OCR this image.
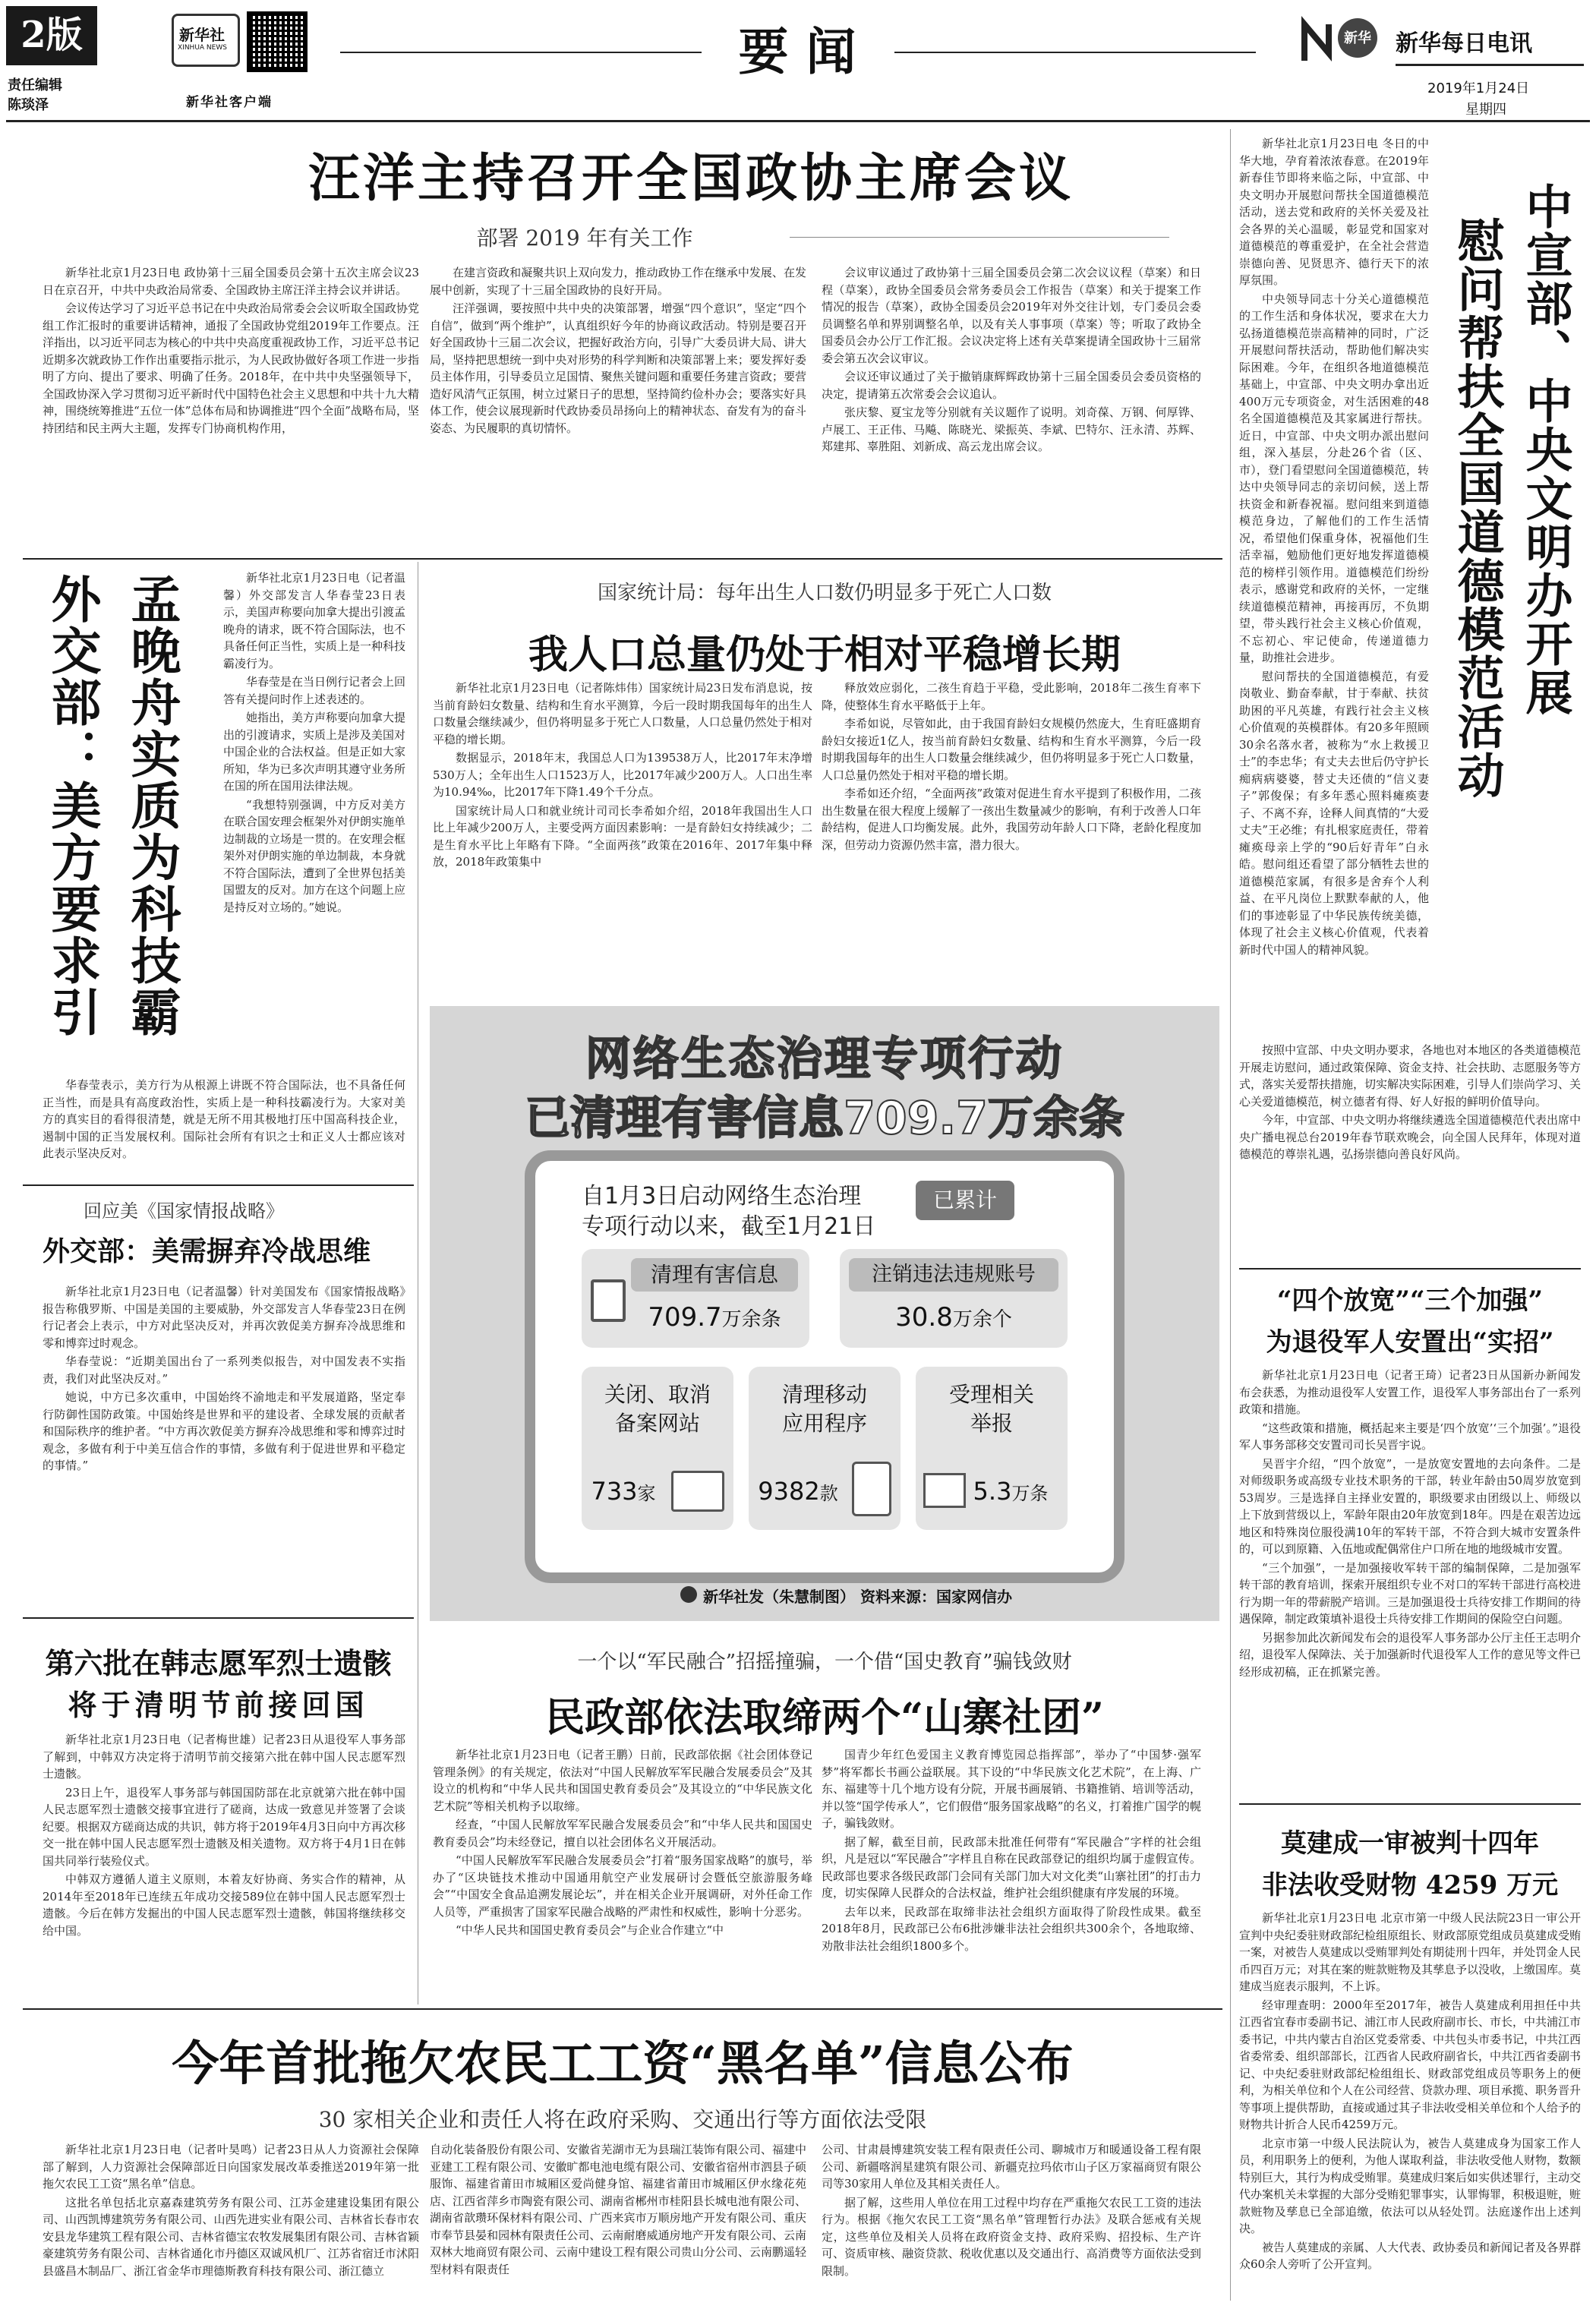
2版
责任编辑
陈琰泽
新华社
XINHUA NEWS
新华社客户端
要 闻	新华 新华每日电讯
2019年1月24日
星期四
汪洋主持召开全国政协主席会议
部署 2019 年有关工作

新华社北京1月23日电 政协第十三届全国委员会第十五次主席会议23日在京召开，中共中央政治局常委、全国政协主席汪洋主持会议并讲话。

会议传达学习了习近平总书记在中央政治局常委会会议听取全国政协党组工作汇报时的重要讲话精神，通报了全国政协党组2019年工作要点。汪洋指出，以习近平同志为核心的中共中央高度重视政协工作，习近平总书记近期多次就政协工作作出重要指示批示，为人民政协做好各项工作进一步指明了方向、提出了要求、明确了任务。2018年，在中共中央坚强领导下，全国政协深入学习贯彻习近平新时代中国特色社会主义思想和中共十九大精神，围绕统筹推进“五位一体”总体布局和协调推进“四个全面”战略布局，坚持团结和民主两大主题，发挥专门协商机构作用，

在建言资政和凝聚共识上双向发力，推动政协工作在继承中发展、在发展中创新，实现了十三届全国政协的良好开局。

汪洋强调，要按照中共中央的决策部署，增强“四个意识”，坚定“四个自信”，做到“两个维护”，认真组织好今年的协商议政活动。特别是要召开好全国政协十三届二次会议，把握好政治方向，引导广大委员讲大局、讲大局，坚持把思想统一到中央对形势的科学判断和决策部署上来；要发挥好委员主体作用，引导委员立足国情、聚焦关键问题和重要任务建言资政；要营造好风清气正氛围，树立过紧日子的思想，坚持简约俭朴办会；要落实好具体工作，使会议展现新时代政协委员昂扬向上的精神状态、奋发有为的奋斗姿态、为民履职的真切情怀。

会议审议通过了政协第十三届全国委员会第二次会议议程（草案）和日程（草案），政协全国委员会常务委员会工作报告（草案）和关于提案工作情况的报告（草案），政协全国委员会2019年对外交往计划，专门委员会委员调整名单和界别调整名单，以及有关人事事项（草案）等；听取了政协全国委员会办公厅工作汇报。会议决定将上述有关草案提请全国政协十三届常委会第五次会议审议。

会议还审议通过了关于撤销康辉辉政协第十三届全国委员会委员资格的决定，提请第五次常委会会议追认。

张庆黎、夏宝龙等分别就有关议题作了说明。刘奇葆、万钢、何厚铧、卢展工、王正伟、马飚、陈晓光、梁振英、李斌、巴特尔、汪永清、苏辉、郑建邦、辜胜阻、刘新成、高云龙出席会议。

孟晚舟实质为科技霸
外交部：美方要求引

新华社北京1月23日电（记者温馨）外交部发言人华春莹23日表示，美国声称要向加拿大提出引渡孟晚舟的请求，既不符合国际法，也不具备任何正当性，实质上是一种科技霸凌行为。

华春莹是在当日例行记者会上回答有关提问时作上述表述的。

她指出，美方声称要向加拿大提出的引渡请求，实质上是涉及美国对中国企业的合法权益。但是正如大家所知，华为已多次声明其遵守业务所在国的所在国用法律法规。

“我想特别强调，中方反对美方在联合国安理会框架外对伊朗实施单边制裁的立场是一贯的。在安理会框架外对伊朗实施的单边制裁，本身就不符合国际法，遭到了全世界包括美国盟友的反对。加方在这个问题上应是持反对立场的。”她说。

华春莹表示，美方行为从根源上讲既不符合国际法，也不具备任何正当性，而是具有高度政治性，实质上是一种科技霸凌行为。大家对美方的真实目的看得很清楚，就是无所不用其极地打压中国高科技企业，遏制中国的正当发展权利。国际社会所有有识之士和正义人士都应该对此表示坚决反对。

回应美《国家情报战略》
外交部：美需摒弃冷战思维

新华社北京1月23日电（记者温馨）针对美国发布《国家情报战略》报告称俄罗斯、中国是美国的主要威胁，外交部发言人华春莹23日在例行记者会上表示，中方对此坚决反对，并再次敦促美方摒弃冷战思维和零和博弈过时观念。

华春莹说：“近期美国出台了一系列类似报告，对中国发表不实指责，我们对此坚决反对。”

她说，中方已多次重申，中国始终不渝地走和平发展道路，坚定奉行防御性国防政策。中国始终是世界和平的建设者、全球发展的贡献者和国际秩序的维护者。“中方再次敦促美方摒弃冷战思维和零和博弈过时观念，多做有利于中美互信合作的事情，多做有利于促进世界和平稳定的事情。”

第六批在韩志愿军烈士遗骸
将于清明节前接回国

新华社北京1月23日电（记者梅世雄）记者23日从退役军人事务部了解到，中韩双方决定将于清明节前交接第六批在韩中国人民志愿军烈士遗骸。

23日上午，退役军人事务部与韩国国防部在北京就第六批在韩中国人民志愿军烈士遗骸交接事宜进行了磋商，达成一致意见并签署了会谈纪要。根据双方磋商达成的共识，韩方将于2019年4月3日向中方再次移交一批在韩中国人民志愿军烈士遗骸及相关遗物。双方将于4月1日在韩国共同举行装殓仪式。

中韩双方遵循人道主义原则，本着友好协商、务实合作的精神，从2014年至2018年已连续五年成功交接589位在韩中国人民志愿军烈士遗骸。今后在韩方发掘出的中国人民志愿军烈士遗骸，韩国将继续移交给中国。

国家统计局：每年出生人口数仍明显多于死亡人口数
我人口总量仍处于相对平稳增长期

新华社北京1月23日电（记者陈炜伟）国家统计局23日发布消息说，按当前育龄妇女数量、结构和生育水平测算，今后一段时期我国每年的出生人口数量会继续减少，但仍将明显多于死亡人口数量，人口总量仍然处于相对平稳的增长期。

数据显示，2018年末，我国总人口为139538万人，比2017年末净增530万人；全年出生人口1523万人，比2017年减少200万人。人口出生率为10.94‰，比2017年下降1.49个千分点。

国家统计局人口和就业统计司司长李希如介绍，2018年我国出生人口比上年减少200万人，主要受两方面因素影响：一是育龄妇女持续减少；二是生育水平比上年略有下降。“全面两孩”政策在2016年、2017年集中释放，2018年政策集中

释放效应弱化，二孩生育趋于平稳，受此影响，2018年二孩生育率下降，使整体生育水平略低于上年。

李希如说，尽管如此，由于我国育龄妇女规模仍然庞大，生育旺盛期育龄妇女接近1亿人，按当前育龄妇女数量、结构和生育水平测算，今后一段时期我国每年的出生人口数量会继续减少，但仍将明显多于死亡人口数量，人口总量仍然处于相对平稳的增长期。

李希如还介绍，“全面两孩”政策对促进生育水平提到了积极作用，二孩出生数量在很大程度上缓解了一孩出生数量减少的影响，有利于改善人口年龄结构，促进人口均衡发展。此外，我国劳动年龄人口下降，老龄化程度加深，但劳动力资源仍然丰富，潜力很大。

网络生态治理专项行动
已清理有害信息709.7万余条
自1月3日启动网络生态治理
专项行动以来，截至1月21日
已累计
清理有害信息
709.7万余条
注销违法违规账号
30.8万余个
关闭、取消
备案网站
733家
清理移动
应用程序
9382款
受理相关
举报
5.3万条
新华社发（朱慧制图） 资料来源：国家网信办
一个以“军民融合”招摇撞骗，一个借“国史教育”骗钱敛财
民政部依法取缔两个“山寨社团”

新华社北京1月23日电（记者王鹏）日前，民政部依据《社会团体登记管理条例》的有关规定，依法对“中国人民解放军军民融合发展委员会”及其设立的机构和“中华人民共和国国史教育委员会”及其设立的“中华民族文化艺术院”等相关机构予以取缔。

经查，“中国人民解放军军民融合发展委员会”和“中华人民共和国国史教育委员会”均未经登记，擅自以社会团体名义开展活动。

“中国人民解放军军民融合发展委员会”打着“服务国家战略”的旗号，举办了“区块链技术推动中国通用航空产业发展研讨会暨低空旅游服务峰会”“中国安全食品追溯发展论坛”，并在相关企业开展调研，对外任命工作人员等，严重损害了国家军民融合战略的严肃性和权威性，影响十分恶劣。

“中华人民共和国国史教育委员会”与企业合作建立“中

国青少年红色爱国主义教育博览园总指挥部”，举办了“中国梦·强军梦”将军都长书画公益联展。其下设的“中华民族文化艺术院”，在上海、广东、福建等十几个地方设有分院，开展书画展销、书籍推销、培训等活动，并以签“国学传承人”，它们假借“服务国家战略”的名义，打着推广国学的幌子，骗钱敛财。

据了解，截至目前，民政部未批准任何带有“军民融合”字样的社会组织，凡是冠以“军民融合”字样且自称在民政部登记的组织均属于虚假宣传。民政部也要求各级民政部门会同有关部门加大对文化类“山寨社团”的打击力度，切实保障人民群众的合法权益，维护社会组织健康有序发展的环境。

去年以来，民政部在取缔非法社会组织方面取得了阶段性成果。截至2018年8月，民政部已公布6批涉嫌非法社会组织共300余个，各地取缔、劝散非法社会组织1800多个。

今年首批拖欠农民工工资“黑名单”信息公布
30 家相关企业和责任人将在政府采购、交通出行等方面依法受限

新华社北京1月23日电（记者叶昊鸣）记者23日从人力资源社会保障部了解到，人力资源社会保障部近日向国家发展改革委推送2019年第一批拖欠农民工工资“黑名单”信息。

这批名单包括北京嘉森建筑劳务有限公司、江苏金建建设集团有限公司、山西凯博建筑劳务有限公司、山西先进实业有限公司、吉林省长春市农安县龙华建筑工程有限公司、吉林省德宝农牧发展集团有限公司、吉林省颖豪建筑劳务有限公司、吉林省通化市丹德区双诚风机厂、江苏省宿迁市沭阳县盛昌木制品厂、浙江省金华市理德斯教育科技有限公司、浙江德立

自动化装备股份有限公司、安徽省芜湖市无为县瑞江装饰有限公司、福建中亚建工工程有限公司、安徽旷都电池电缆有限公司、安徽省宿州市泗县子硕服饰、福建省莆田市城厢区爱尚健身馆、福建省莆田市城厢区伊水缘花苑店、江西省萍乡市陶瓷有限公司、湖南省郴州市桂阳县长城电池有限公司、湖南省歆瓒环保材料有限公司、广西来宾市万顺房地产开发有限公司、重庆市奉节县晏和园林有限责任公司、云南耐磨威通房地产开发有限公司、云南双林大地商贸有限公司、云南中建设工程有限公司贵山分公司、云南鹏遥轻型材料有限责任

公司、甘肃晨博建筑安装工程有限责任公司、聊城市万和暖通设备工程有限公司、新疆喀润星建筑有限公司、新疆克拉玛依市山子区万家福商贸有限公司等30家用人单位及其相关责任人。

据了解，这些用人单位在用工过程中均存在严重拖欠农民工工资的违法行为。根据《拖欠农民工工资“黑名单”管理暂行办法》及联合惩戒有关规定，这些单位及相关人员将在政府资金支持、政府采购、招投标、生产许可、资质审核、融资贷款、税收优惠以及交通出行、高消费等方面依法受到限制。

新华社北京1月23日电 冬日的中华大地，孕育着浓浓春意。在2019年新春佳节即将来临之际，中宣部、中央文明办开展慰问帮扶全国道德模范活动，送去党和政府的关怀关爱及社会各界的关心温暖，彰显党和国家对道德模范的尊重爱护，在全社会营造崇德向善、见贤思齐、德行天下的浓厚氛围。

中央领导同志十分关心道德模范的工作生活和身体状况，要求在大力弘扬道德模范崇高精神的同时，广泛开展慰问帮扶活动，帮助他们解决实际困难。今年，在组织各地道德模范基础上，中宣部、中央文明办拿出近400万元专项资金，对生活困难的48名全国道德模范及其家属进行帮扶。近日，中宣部、中央文明办派出慰问组，深入基层，分赴26个省（区、市），登门看望慰问全国道德模范，转达中央领导同志的亲切问候，送上帮扶资金和新春祝福。慰问组来到道德模范身边，了解他们的工作生活情况，希望他们保重身体，祝福他们生活幸福，勉励他们更好地发挥道德模范的榜样引领作用。道德模范们纷纷表示，感谢党和政府的关怀，一定继续道德模范精神，再接再厉，不负期望，带头践行社会主义核心价值观，不忘初心、牢记使命，传递道德力量，助推社会进步。

慰问帮扶的全国道德模范，有爱岗敬业、勤奋奉献，甘于奉献、扶贫助困的平凡英雄，有践行社会主义核心价值观的英模群体。有20多年照顾30余名落水者，被称为“水上救援卫士”的李忠华；有丈夫去世后仍守护长痴病病婆婆，替丈夫还债的“信义妻子”郭俊保；有多年悉心照料瘫痪妻子、不离不弃，诠释人间真情的“大爱丈夫”王必维；有扎根家庭责任，带着瘫痪母亲上学的“90后好青年”白永皓。慰问组还看望了部分牺牲去世的道德模范家属，有很多是舍弃个人利益、在平凡岗位上默默奉献的人，他们的事迹彰显了中华民族传统美德，体现了社会主义核心价值观，代表着新时代中国人的精神风貌。

中宣部、中央文明办开展
慰问帮扶全国道德模范活动

按照中宣部、中央文明办要求，各地也对本地区的各类道德模范开展走访慰问，通过政策保障、资金支持、社会扶助、志愿服务等方式，落实关爱帮扶措施，切实解决实际困难，引导人们崇尚学习、关心关爱道德模范，树立德者有得、好人好报的鲜明价值导向。

今年，中宣部、中央文明办将继续遴选全国道德模范代表出席中央广播电视总台2019年春节联欢晚会，向全国人民拜年，体现对道德模范的尊崇礼遇，弘扬崇德向善良好风尚。

“四个放宽”“三个加强”
为退役军人安置出“实招”

新华社北京1月23日电（记者王琦）记者23日从国新办新闻发布会获悉，为推动退役军人安置工作，退役军人事务部出台了一系列政策和措施。

“这些政策和措施，概括起来主要是‘四个放宽’‘三个加强’。”退役军人事务部移交安置司司长吴晋宇说。

吴晋宇介绍，“四个放宽”，一是放宽安置地的去向条件。二是对师级职务或高级专业技术职务的干部，转业年龄由50周岁放宽到53周岁。三是选择自主择业安置的，职级要求由团级以上、师级以上下放到营级以上，军龄年限由20年放宽到18年。四是在艰苦边远地区和特殊岗位服役满10年的军转干部，不符合到大城市安置条件的，可以到原籍、入伍地或配偶常住户口所在地的地级城市安置。

“三个加强”，一是加强接收军转干部的编制保障，二是加强军转干部的教育培训，探索开展组织专业不对口的军转干部进行高校进行为期一年的带薪脱产培训。三是加强退役士兵待安排工作期间的待遇保障，制定政策填补退役士兵待安排工作期间的保险空白问题。

另据参加此次新闻发布会的退役军人事务部办公厅主任王志明介绍，退役军人保障法、关于加强新时代退役军人工作的意见等文件已经形成初稿，正在抓紧完善。

莫建成一审被判十四年
非法收受财物 4259 万元

新华社北京1月23日电 北京市第一中级人民法院23日一审公开宣判中央纪委驻财政部纪检组原组长、财政部原党组成员莫建成受贿一案，对被告人莫建成以受贿罪判处有期徒刑十四年，并处罚金人民币四百万元；对其在案的赃款赃物及其孳息予以没收，上缴国库。莫建成当庭表示服判，不上诉。

经审理查明：2000年至2017年，被告人莫建成利用担任中共江西省宜春市委副书记、浦江市人民政府副市长、市长，中共浦江市委书记，中共内蒙古自治区党委常委、中共包头市委书记，中共江西省委常委、组织部部长，江西省人民政府副省长，中共江西省委副书记、中央纪委驻财政部纪检组组长、财政部党组成员等职务上的便利，为相关单位和个人在公司经营、贷款办理、项目承揽、职务晋升等事项上提供帮助，直接或通过其子非法收受相关单位和个人给予的财物共计折合人民币4259万元。

北京市第一中级人民法院认为，被告人莫建成身为国家工作人员，利用职务上的便利，为他人谋取利益，非法收受他人财物，数额特别巨大，其行为构成受贿罪。莫建成归案后如实供述罪行，主动交代办案机关未掌握的大部分受贿犯罪事实，认罪悔罪，积极退赃，赃款赃物及孳息已全部追缴，依法可以从轻处罚。法庭遂作出上述判决。

被告人莫建成的亲属、人大代表、政协委员和新闻记者及各界群众60余人旁听了公开宣判。
